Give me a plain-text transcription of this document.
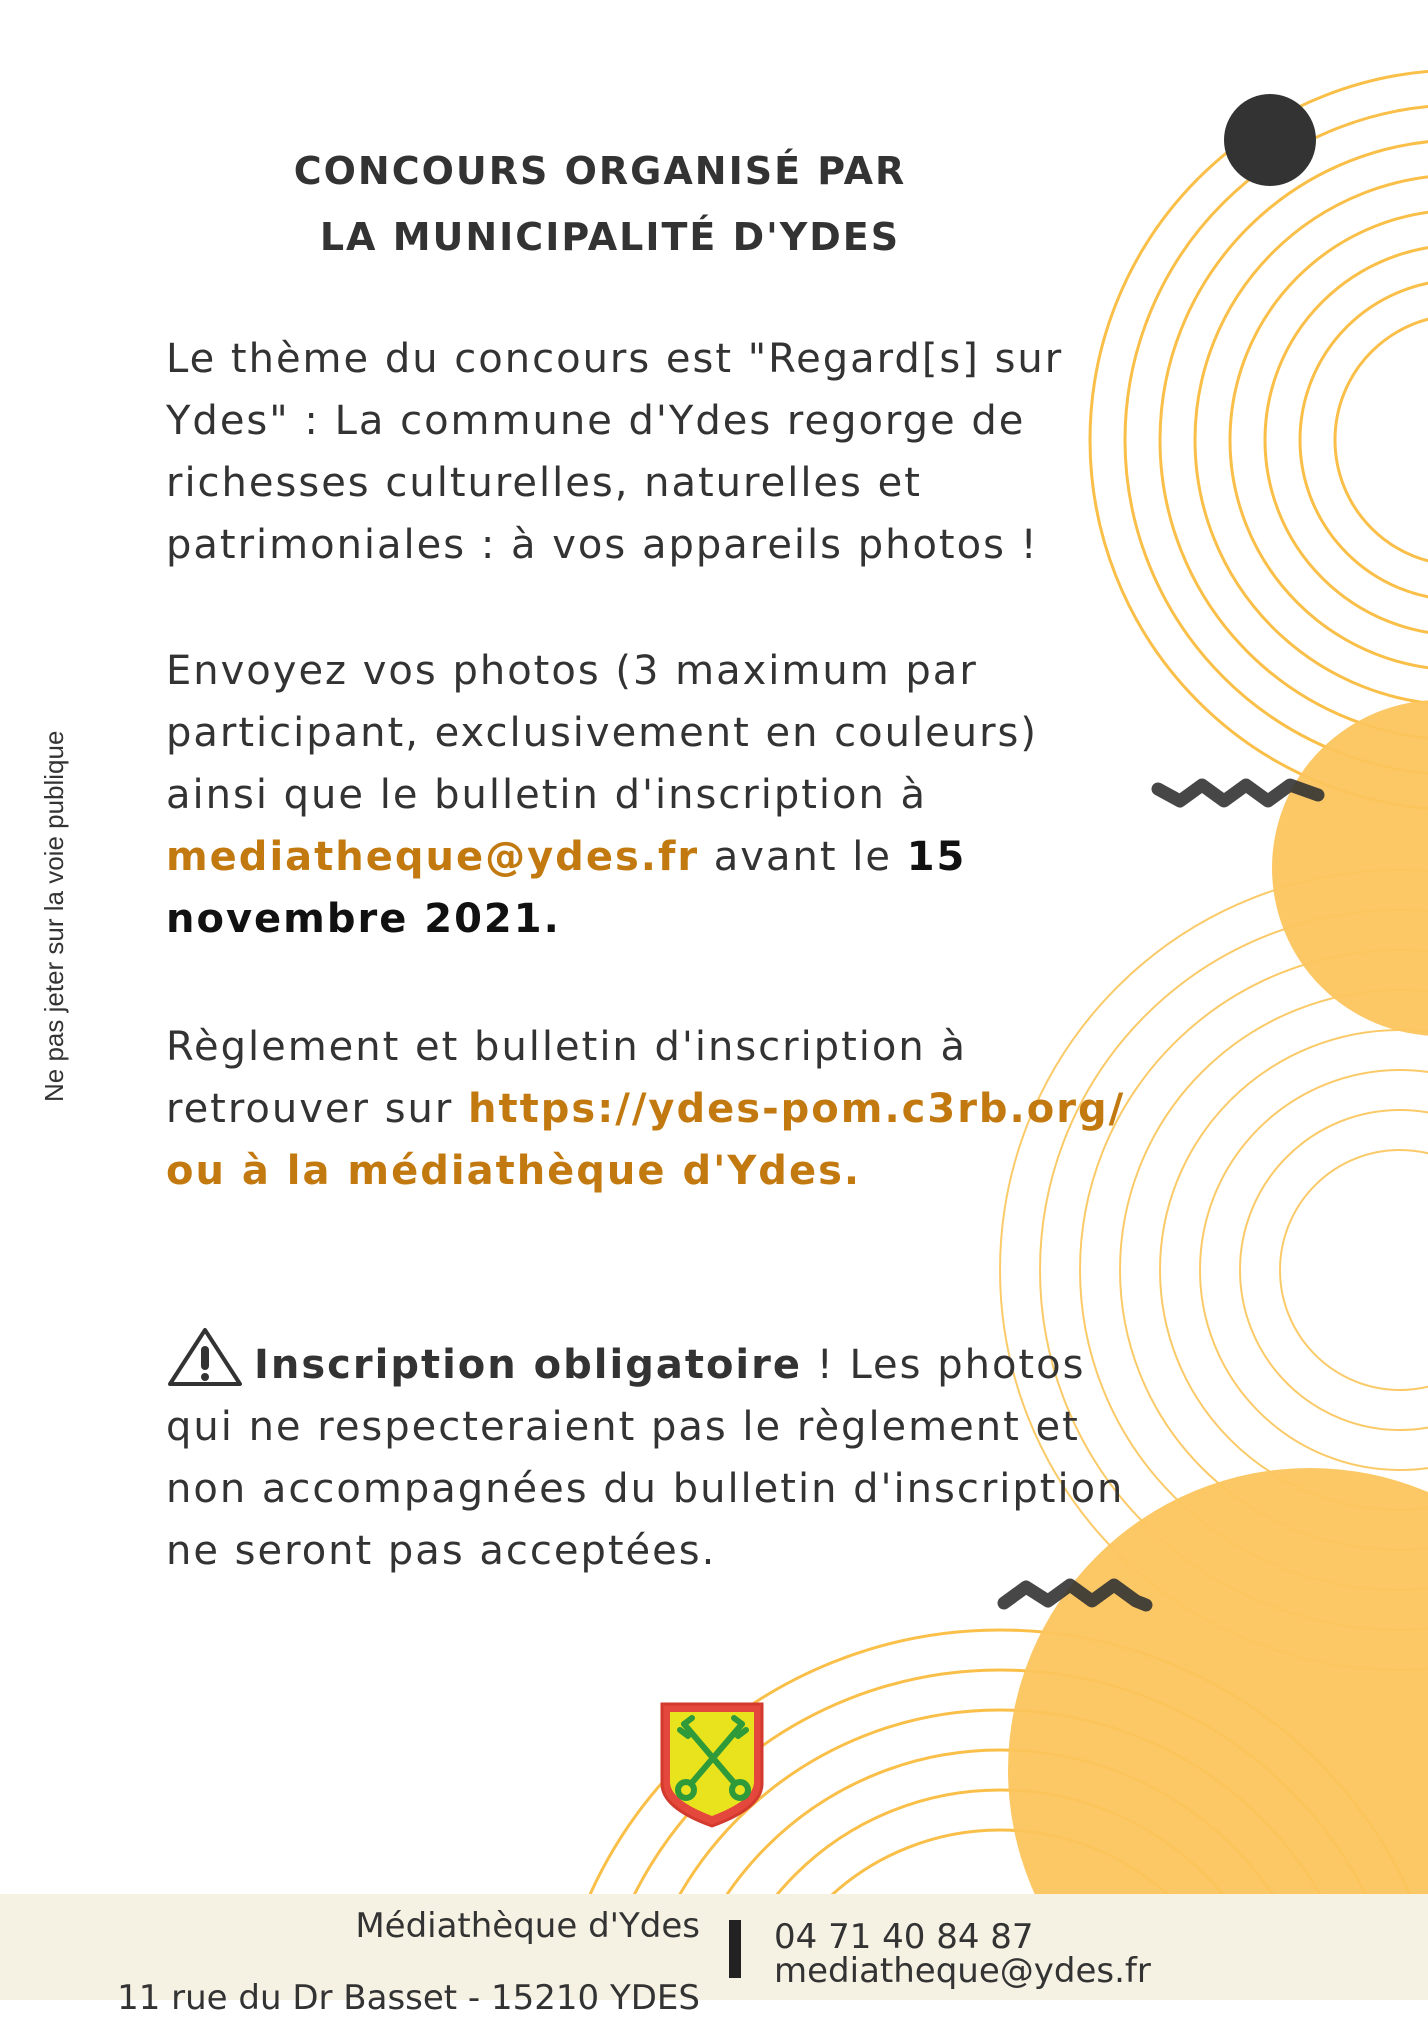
CONCOURS ORGANISÉ PAR
LA MUNICIPALITÉ D'YDES

Le thème du concours est "Regard[s] sur Ydes" : La commune d'Ydes regorge de richesses culturelles, naturelles et patrimoniales : à vos appareils photos !

Envoyez vos photos (3 maximum par participant, exclusivement en couleurs) ainsi que le bulletin d'inscription à
mediatheque@ydes.fr avant le 15 novembre 2021.

Règlement et bulletin d'inscription à retrouver sur https://ydes-pom.c3rb.org/
ou à la médiathèque d'Ydes.

Inscription obligatoire ! Les photos qui ne respecteraient pas le règlement et non accompagnées du bulletin d'inscription ne seront pas acceptées.

Ne pas jeter sur la voie publique
Médiathèque d'Ydes

11 rue du Dr Basset - 15210 YDES
04 71 40 84 87
mediatheque@ydes.fr
